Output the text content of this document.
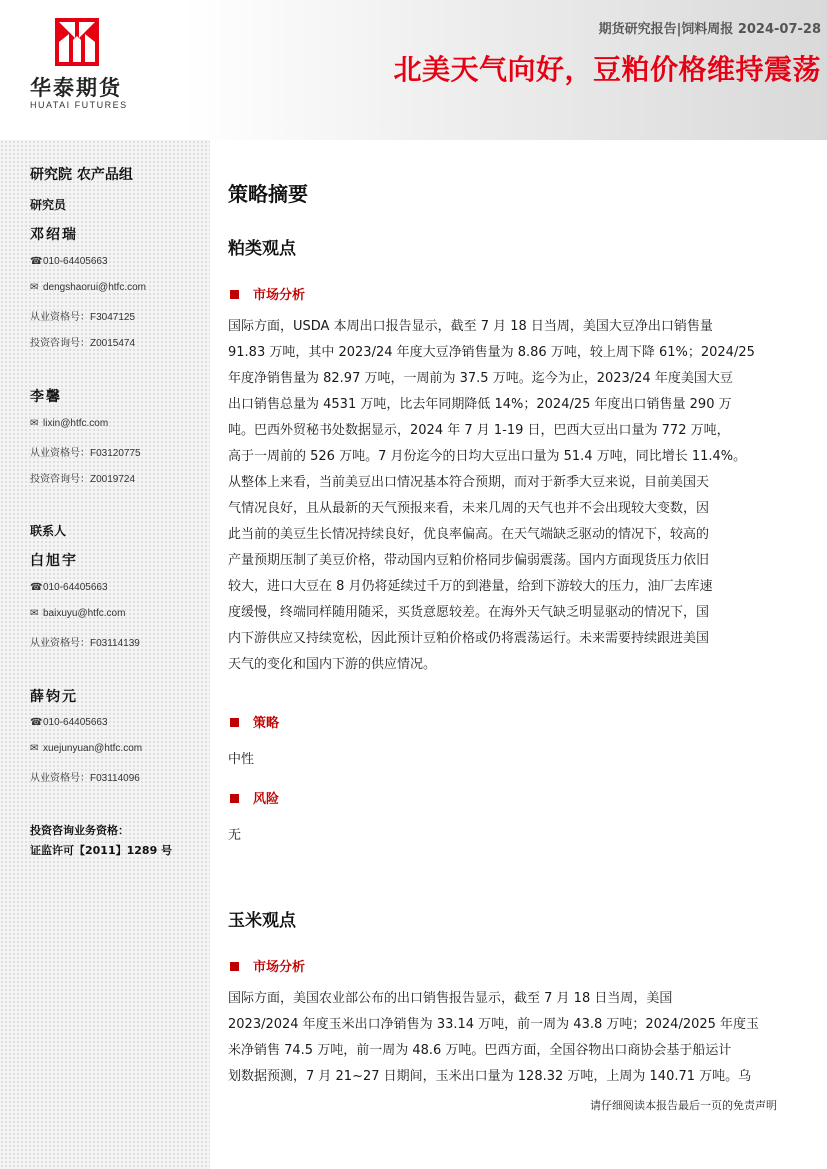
华泰期货
HUATAI FUTURES
期货研究报告|饲料周报 2024-07-28
北美天气向好，豆粕价格维持震荡
研究院 农产品组
研究员
邓绍瑞
☎010-64405663
✉ dengshaorui@htfc.com
从业资格号：F3047125
投资咨询号：Z0015474
李馨
✉ lixin@htfc.com
从业资格号：F03120775
投资咨询号：Z0019724
联系人
白旭宇
☎010-64405663
✉ baixuyu@htfc.com
从业资格号：F03114139
薛钧元
☎010-64405663
✉ xuejunyuan@htfc.com
从业资格号：F03114096
投资咨询业务资格：
证监许可【2011】1289 号
策略摘要
粕类观点
市场分析
国际方面，USDA 本周出口报告显示，截至 7 月 18 日当周，美国大豆净出口销售量
91.83 万吨，其中 2023/24 年度大豆净销售量为 8.86 万吨，较上周下降 61%；2024/25
年度净销售量为 82.97 万吨，一周前为 37.5 万吨。迄今为止，2023/24 年度美国大豆
出口销售总量为 4531 万吨，比去年同期降低 14%；2024/25 年度出口销售量 290 万
吨。巴西外贸秘书处数据显示，2024 年 7 月 1-19 日，巴西大豆出口量为 772 万吨，
高于一周前的 526 万吨。7 月份迄今的日均大豆出口量为 51.4 万吨，同比增长 11.4%。
从整体上来看，当前美豆出口情况基本符合预期，而对于新季大豆来说，目前美国天
气情况良好，且从最新的天气预报来看，未来几周的天气也并不会出现较大变数，因
此当前的美豆生长情况持续良好，优良率偏高。在天气端缺乏驱动的情况下，较高的
产量预期压制了美豆价格，带动国内豆粕价格同步偏弱震荡。国内方面现货压力依旧
较大，进口大豆在 8 月仍将延续过千万的到港量，给到下游较大的压力，油厂去库速
度缓慢，终端同样随用随采，买货意愿较差。在海外天气缺乏明显驱动的情况下，国
内下游供应又持续宽松，因此预计豆粕价格或仍将震荡运行。未来需要持续跟进美国
天气的变化和国内下游的供应情况。
策略
中性
风险
无
玉米观点
市场分析
国际方面，美国农业部公布的出口销售报告显示，截至 7 月 18 日当周，美国
2023/2024 年度玉米出口净销售为 33.14 万吨，前一周为 43.8 万吨；2024/2025 年度玉
米净销售 74.5 万吨，前一周为 48.6 万吨。巴西方面，全国谷物出口商协会基于船运计
划数据预测，7 月 21~27 日期间，玉米出口量为 128.32 万吨，上周为 140.71 万吨。乌
请仔细阅读本报告最后一页的免责声明
